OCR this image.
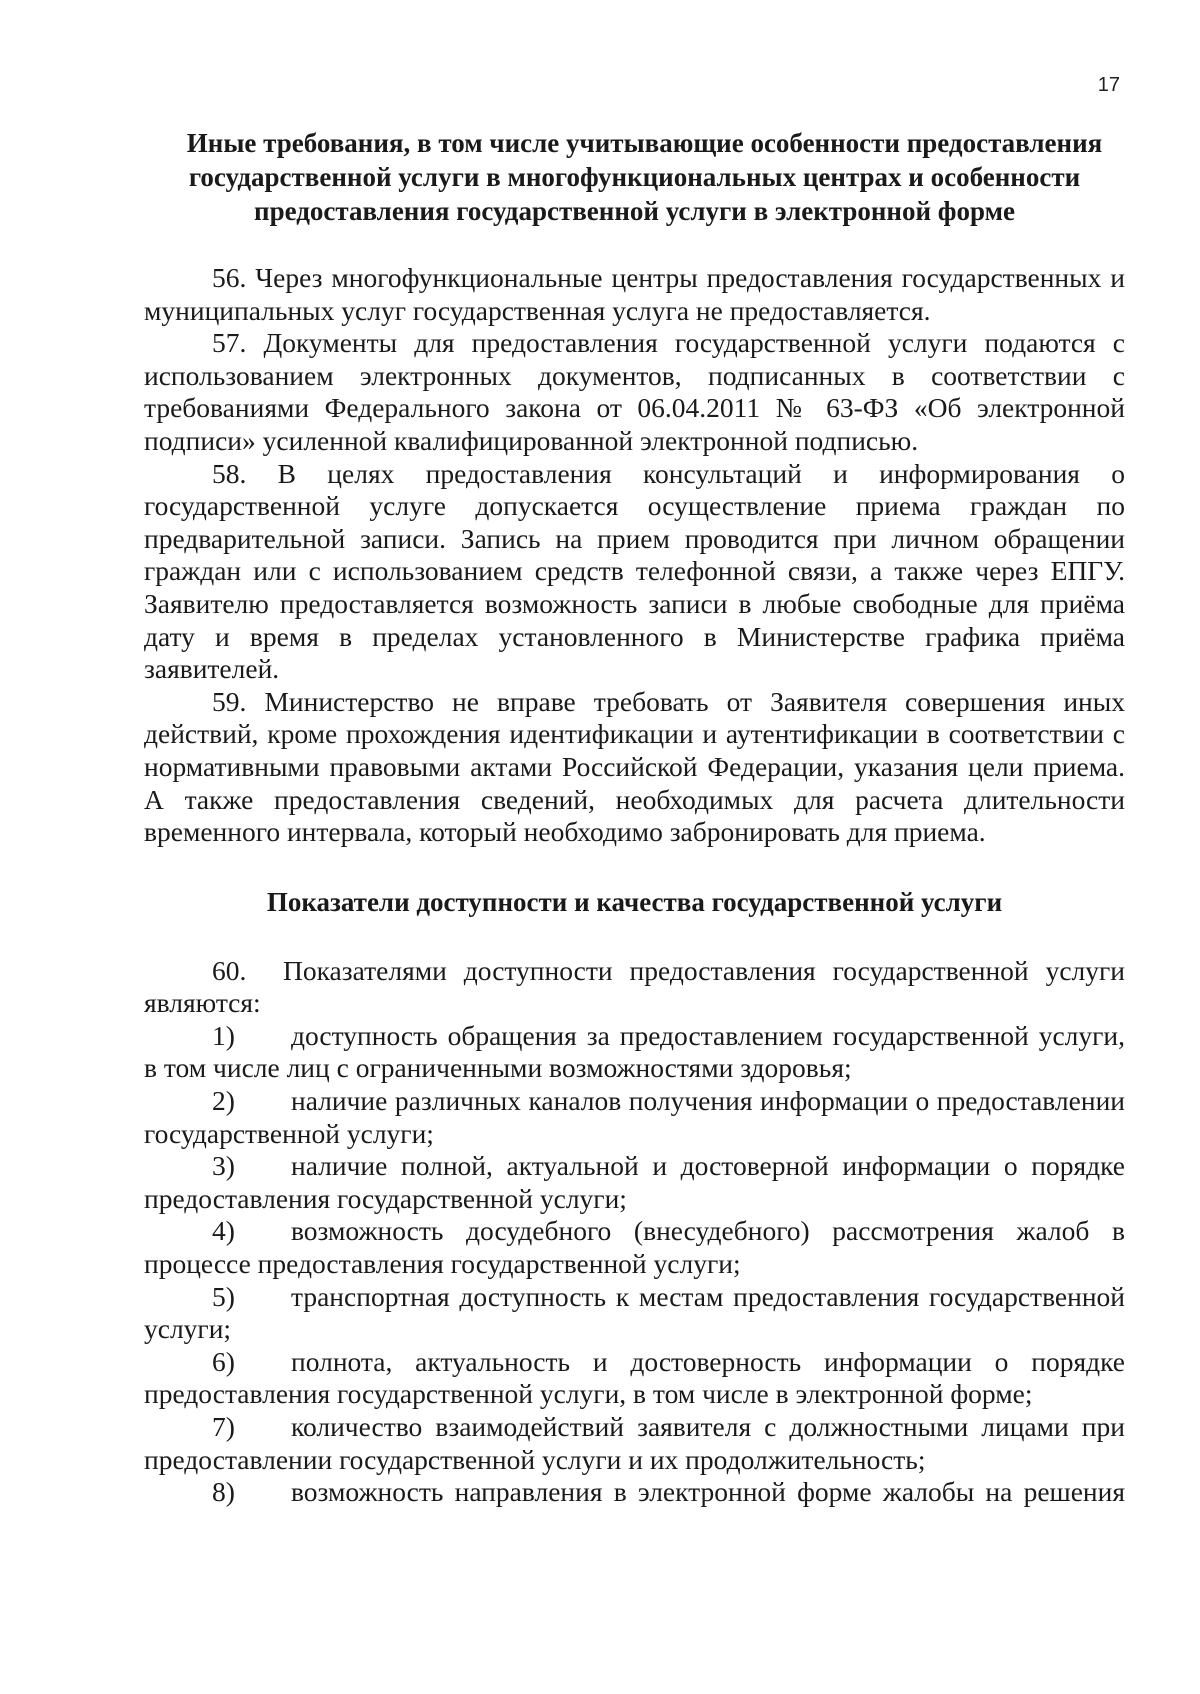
17
Иные требования, в том числе учитывающие особенности предоставления государственной услуги в многофункциональных центрах и особенности предоставления государственной услуги в электронной форме

56. Через многофункциональные центры предоставления государственных и муниципальных услуг государственная услуга не предоставляется.

57. Документы для предоставления государственной услуги подаются с использованием электронных документов, подписанных в соответствии с требованиями Федерального закона от 06.04.2011 № 63-ФЗ «Об электронной подписи» усиленной квалифицированной электронной подписью.

58. В целях предоставления консультаций и информирования о государственной услуге допускается осуществление приема граждан по предварительной записи. Запись на прием проводится при личном обращении граждан или с использованием средств телефонной связи, а также через ЕПГУ. Заявителю предоставляется возможность записи в любые свободные для приёма дату и время в пределах установленного в Министерстве графика приёма заявителей.

59. Министерство не вправе требовать от Заявителя совершения иных действий, кроме прохождения идентификации и аутентификации в соответствии с нормативными правовыми актами Российской Федерации, указания цели приема. А также предоставления сведений, необходимых для расчета длительности временного интервала, который необходимо забронировать для приема.

Показатели доступности и качества государственной услуги

60. Показателями доступности предоставления государственной услуги являются:

1) доступность обращения за предоставлением государственной услуги, в том числе лиц с ограниченными возможностями здоровья;

2) наличие различных каналов получения информации о предоставлении государственной услуги;

3) наличие полной, актуальной и достоверной информации о порядке предоставления государственной услуги;

4) возможность досудебного (внесудебного) рассмотрения жалоб в процессе предоставления государственной услуги;

5) транспортная доступность к местам предоставления государственной услуги;

6) полнота, актуальность и достоверность информации о порядке предоставления государственной услуги, в том числе в электронной форме;

7) количество взаимодействий заявителя с должностными лицами при предоставлении государственной услуги и их продолжительность;

8) возможность направления в электронной форме жалобы на решения
